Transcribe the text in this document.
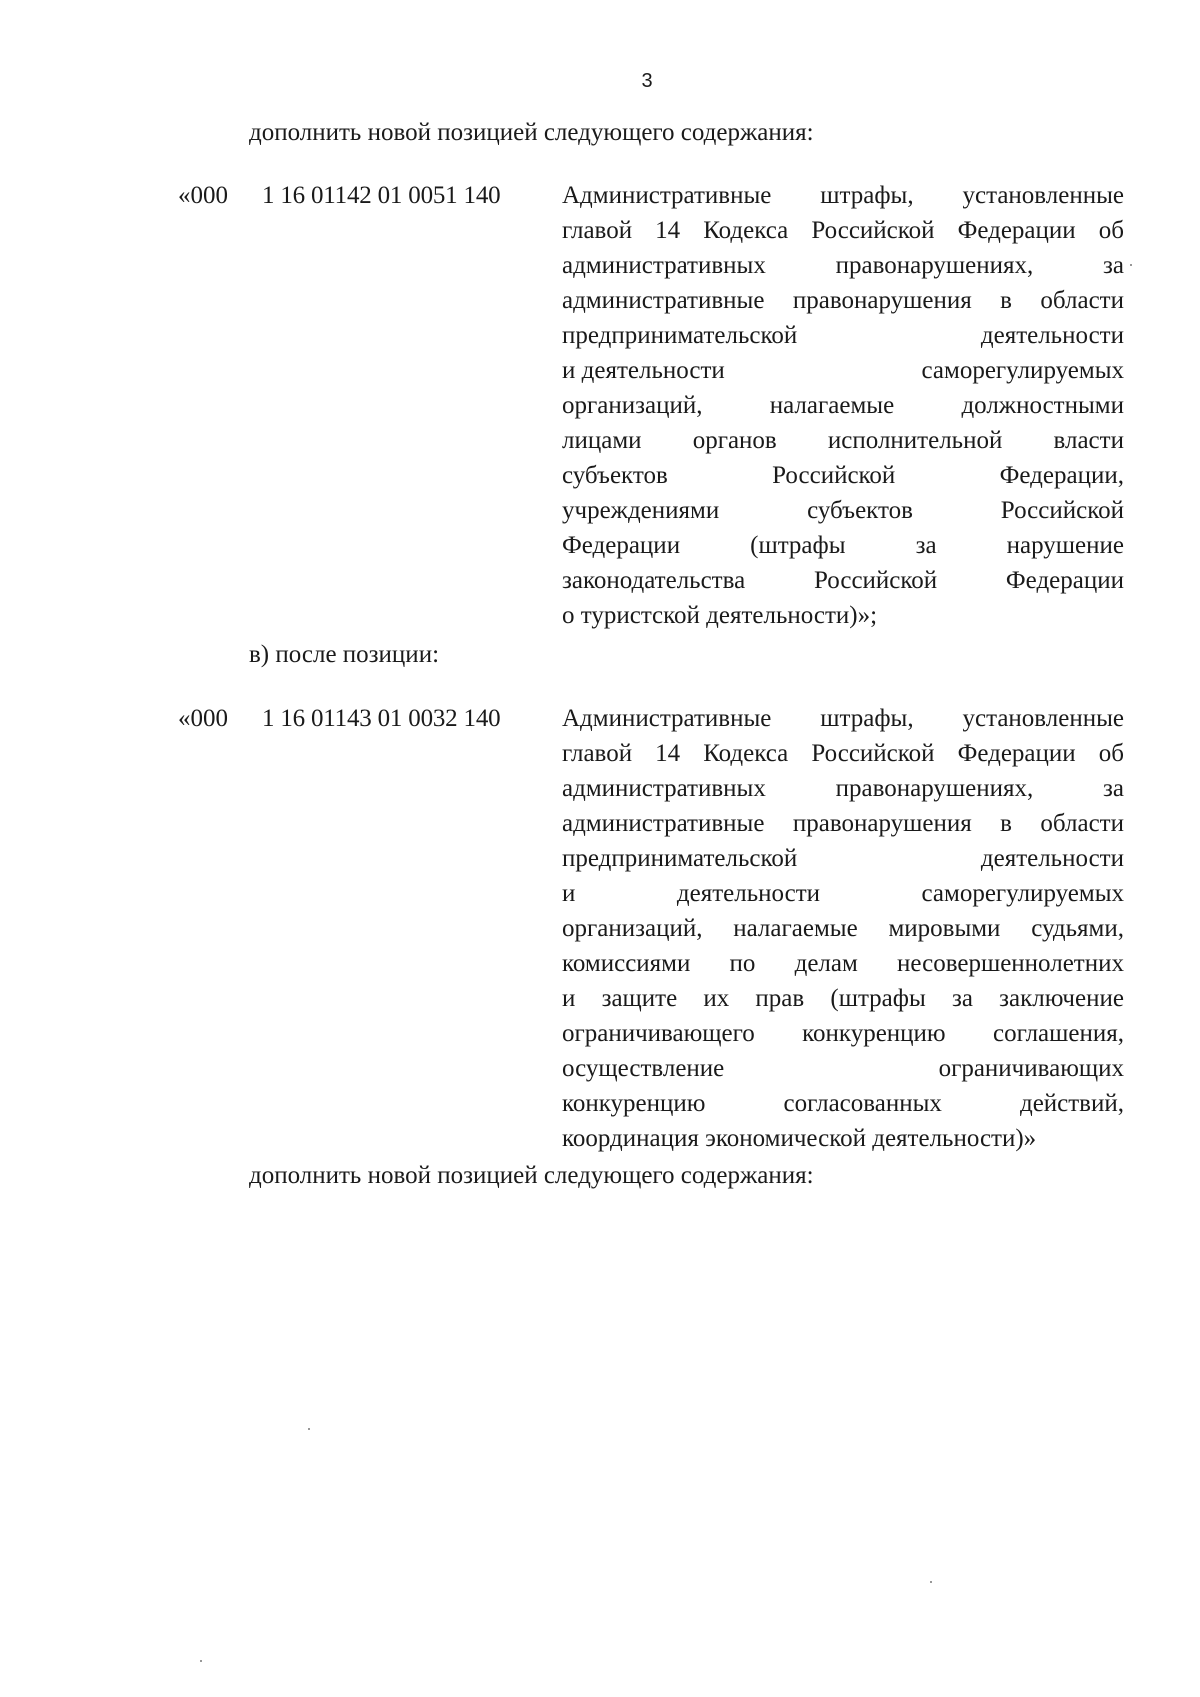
3
дополнить новой позицией следующего содержания:
«000 1 16 01142 01 0051 140 Административные штрафы, установленные
главой 14 Кодекса Российской Федерации об
административных	правонарушениях,	за
административные правонарушения в области
предпринимательской	деятельности
и деятельности	саморегулируемых
организаций,	налагаемые	должностными
лицами органов исполнительной власти
субъектов	Российской	Федерации,
учреждениями	субъектов	Российской
Федерации	(штрафы	за	нарушение
законодательства	Российской	Федерации
о туристской деятельности)»;
в) после позиции:
«000 1 16 01143 01 0032 140 Административные штрафы, установленные
главой 14 Кодекса Российской Федерации об
административных	правонарушениях,	за
административные правонарушения в области
предпринимательской	деятельности
и	деятельности	саморегулируемых
организаций, налагаемые мировыми судьями,
комиссиями по делам несовершеннолетних
и защите их прав (штрафы за заключение
ограничивающего конкуренцию соглашения,
осуществление	ограничивающих
конкуренцию	согласованных	действий,
координация экономической деятельности)»
дополнить новой позицией следующего содержания:
